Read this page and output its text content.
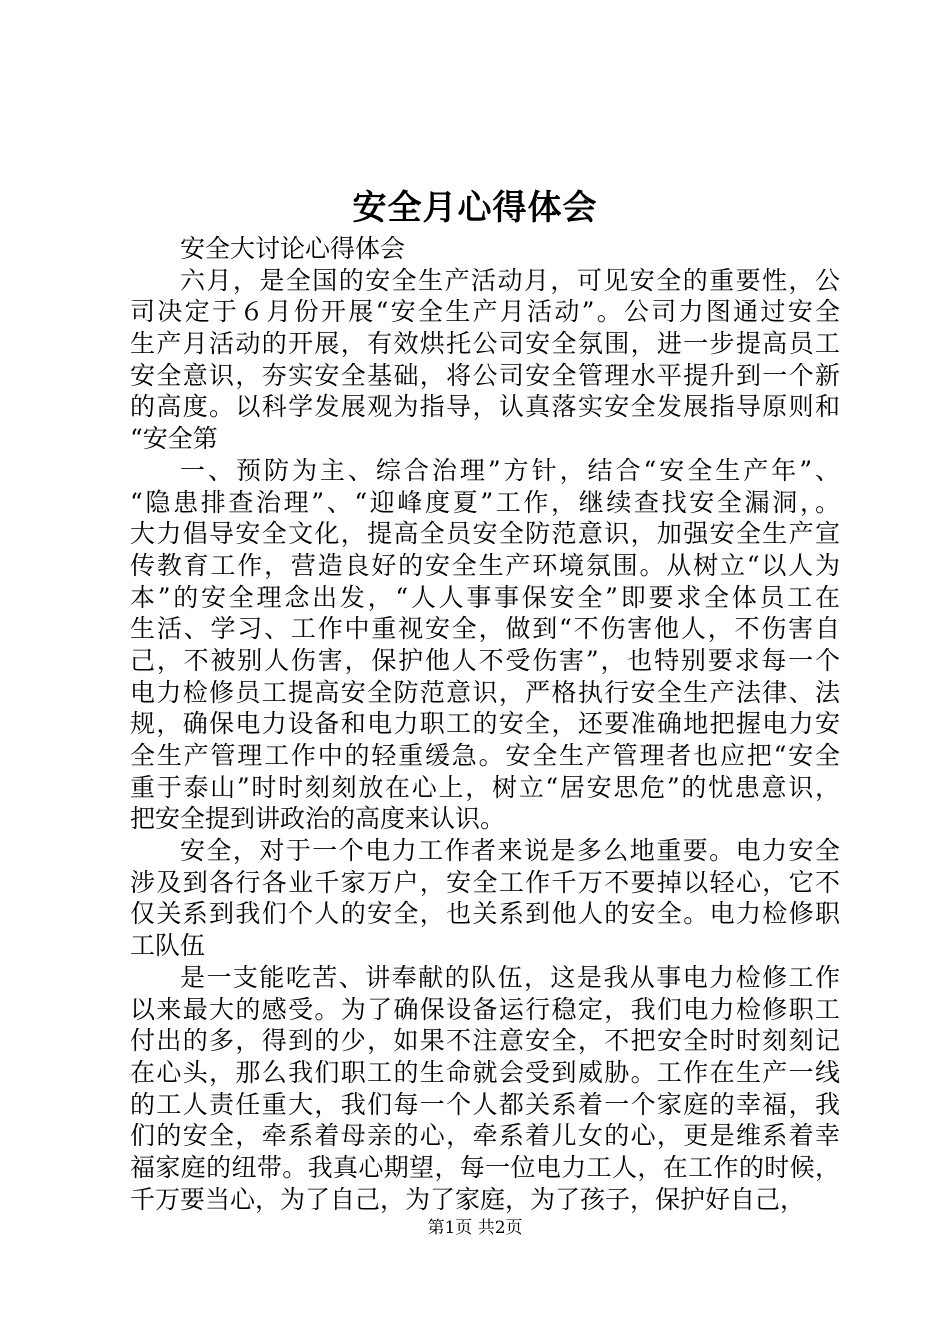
安全月心得体会
安全大讨论心得体会
六月，是全国的安全生产活动月，可见安全的重要性，公
司决定于６月份开展“安全生产月活动”。公司力图通过安全
生产月活动的开展，有效烘托公司安全氛围，进一步提高员工
安全意识，夯实安全基础，将公司安全管理水平提升到一个新
的高度。以科学发展观为指导，认真落实安全发展指导原则和
“安全第
一、预防为主、综合治理”方针，结合“安全生产年”、
“隐患排查治理”、“迎峰度夏”工作，继续查找安全漏洞，。
大力倡导安全文化，提高全员安全防范意识，加强安全生产宣
传教育工作，营造良好的安全生产环境氛围。从树立“以人为
本”的安全理念出发，“人人事事保安全”即要求全体员工在
生活、学习、工作中重视安全，做到“不伤害他人，不伤害自
己，不被别人伤害，保护他人不受伤害”，也特别要求每一个
电力检修员工提高安全防范意识，严格执行安全生产法律、法
规，确保电力设备和电力职工的安全，还要准确地把握电力安
全生产管理工作中的轻重缓急。安全生产管理者也应把“安全
重于泰山”时时刻刻放在心上，树立“居安思危”的忧患意识，
把安全提到讲政治的高度来认识。
安全，对于一个电力工作者来说是多么地重要。电力安全
涉及到各行各业千家万户，安全工作千万不要掉以轻心，它不
仅关系到我们个人的安全，也关系到他人的安全。电力检修职
工队伍
是一支能吃苦、讲奉献的队伍，这是我从事电力检修工作
以来最大的感受。为了确保设备运行稳定，我们电力检修职工
付出的多，得到的少，如果不注意安全，不把安全时时刻刻记
在心头，那么我们职工的生命就会受到威胁。工作在生产一线
的工人责任重大，我们每一个人都关系着一个家庭的幸福，我
们的安全，牵系着母亲的心，牵系着儿女的心，更是维系着幸
福家庭的纽带。我真心期望，每一位电力工人，在工作的时候，
千万要当心，为了自己，为了家庭，为了孩子，保护好自己，
第1页 共2页
